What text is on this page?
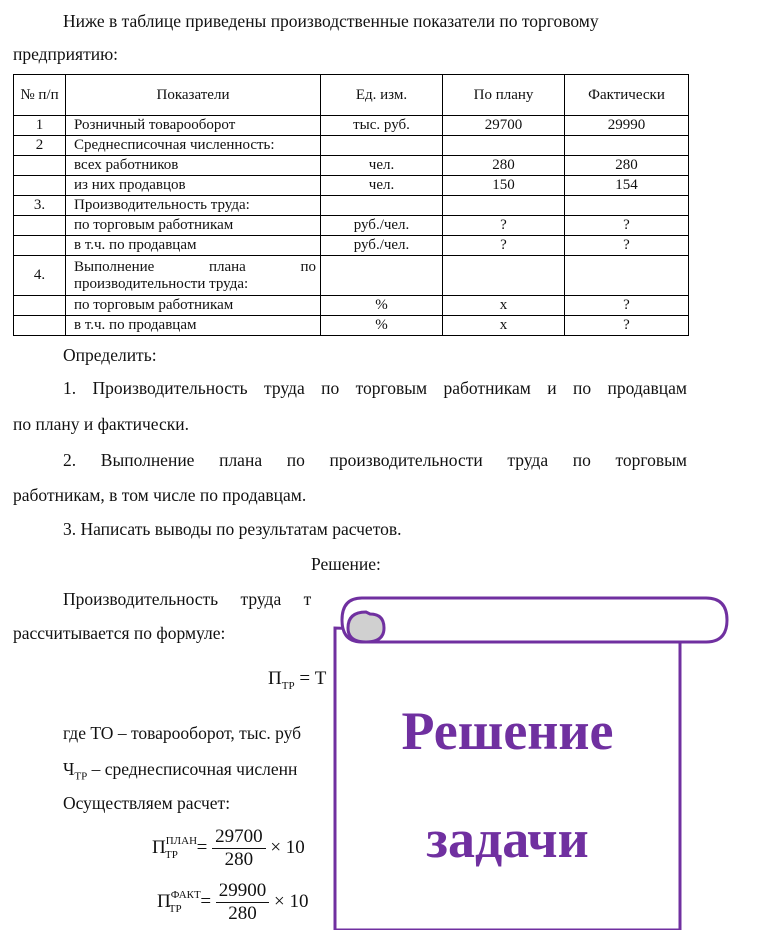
Ниже в таблице приведены производственные показатели по торговому
предприятию:
№ п/п	Показатели	Ед. изм.	По плану	Фактически
1	Розничный товарооборот	тыс. руб.	29700	29990
2	Среднесписочная численность:			
	всех работников	чел.	280	280
	из них продавцов	чел.	150	154
3.	Производительность труда:			
	по торговым работникам	руб./чел.	?	?
	в т.ч. по продавцам	руб./чел.	?	?
4.	Выполнение плана по
производительности труда:			

	по торговым работникам	%	х	?
	в т.ч. по продавцам	%	х	?
Определить:
1. Производительность труда по торговым работникам и по продавцам
по плану и фактически.
2. Выполнение плана по производительности труда по торговым
работникам, в том числе по продавцам.
3. Написать выводы по результатам расчетов.
Решение:
Производительность труда т
рассчитывается по формуле:
$П_{ТР} = Т$
где ТО – товарооборот, тыс. руб
$Ч_{ТР}$ – среднесписочная численн
Осуществляем расчет:
$П^{ПЛАН}_{ТР} = \frac{29700}{280} \times 10$
$П^{ФАКТ}_{ТР} = \frac{29900}{280} \times 10$
Решение
задачи
